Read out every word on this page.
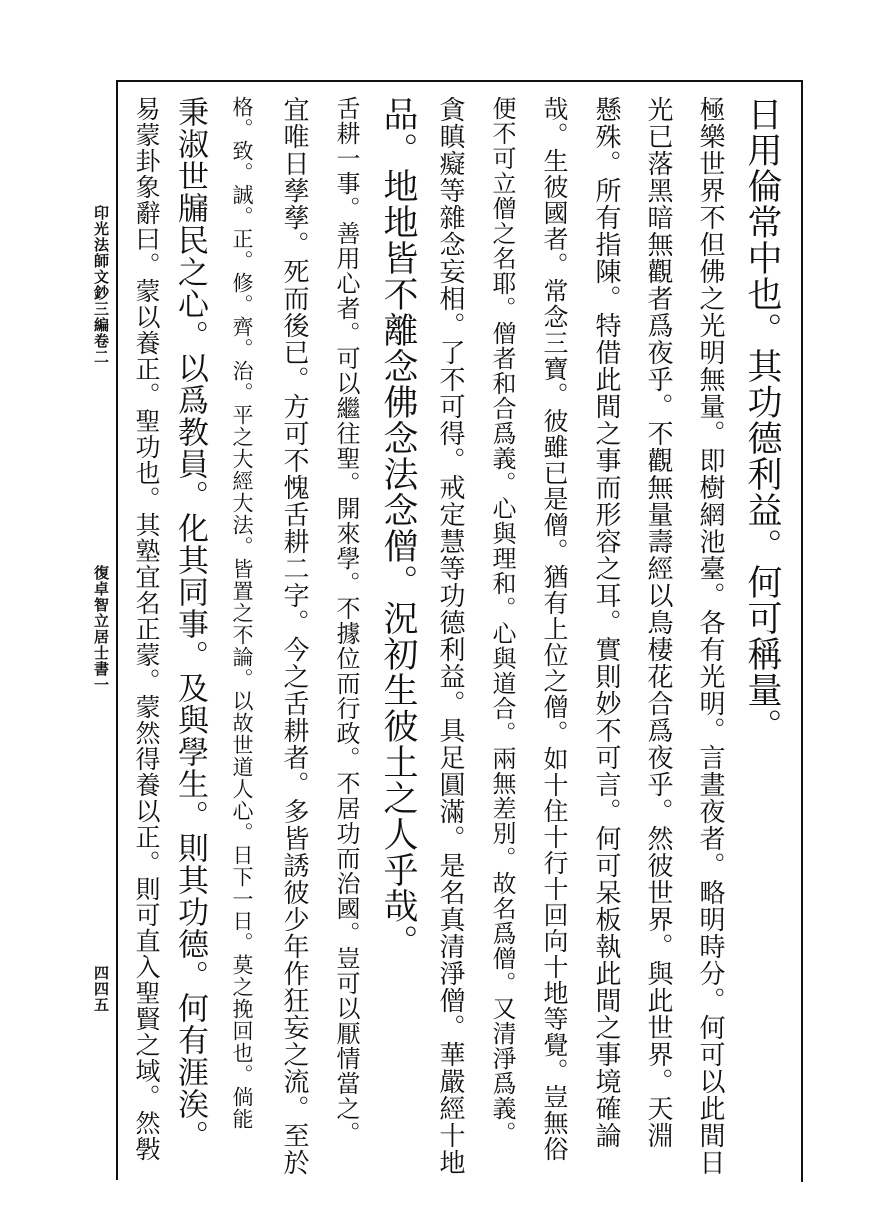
印光法師文鈔三編卷二
復卓智立居士書一
四四五
日用倫常中也。其功德利益。何可稱量。
極樂世界不但佛之光明無量。即樹網池臺。各有光明。言晝夜者。略明時分。何可以此間日
光已落黑暗無觀者爲夜乎。不觀無量壽經以鳥棲花合爲夜乎。然彼世界。與此世界。天淵
懸殊。所有指陳。特借此間之事而形容之耳。實則妙不可言。何可呆板執此間之事境確論
哉。生彼國者。常念三寶。彼雖已是僧。猶有上位之僧。如十住十行十回向十地等覺。豈無俗
便不可立僧之名耶。僧者和合爲義。心與理和。心與道合。兩無差別。故名爲僧。又清淨爲義。
貪瞋癡等雜念妄相。了不可得。戒定慧等功德利益。具足圓滿。是名真清淨僧。華嚴經十地
品。地地皆不離念佛念法念僧。況初生彼土之人乎哉。
舌耕一事。善用心者。可以繼往聖。開來學。不據位而行政。不居功而治國。豈可以厭情當之。
宜唯日孳孳。死而後已。方可不愧舌耕二字。今之舌耕者。多皆誘彼少年作狂妄之流。至於
格。致。誠。正。修。齊。治。平之大經大法。皆置之不論。以故世道人心。日下一日。莫之挽回也。倘能
秉淑世牖民之心。以爲教員。化其同事。及與學生。則其功德。何有涯涘。
易蒙卦象辭曰。蒙以養正。聖功也。其塾宜名正蒙。蒙然得養以正。則可直入聖賢之域。然斅
